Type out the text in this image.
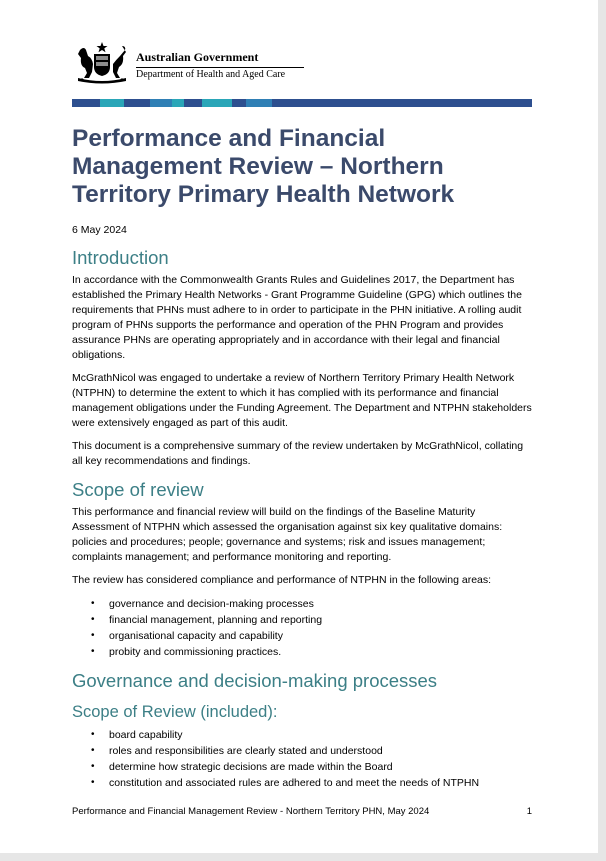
Australian Government
Department of Health and Aged Care
Performance and Financial Management Review – Northern Territory Primary Health Network
6 May 2024
Introduction

In accordance with the Commonwealth Grants Rules and Guidelines 2017, the Department has established the Primary Health Networks - Grant Programme Guideline (GPG) which outlines the requirements that PHNs must adhere to in order to participate in the PHN initiative. A rolling audit program of PHNs supports the performance and operation of the PHN Program and provides assurance PHNs are operating appropriately and in accordance with their legal and financial obligations.

McGrathNicol was engaged to undertake a review of Northern Territory Primary Health Network (NTPHN) to determine the extent to which it has complied with its performance and financial management obligations under the Funding Agreement. The Department and NTPHN stakeholders were extensively engaged as part of this audit.

This document is a comprehensive summary of the review undertaken by McGrathNicol, collating all key recommendations and findings.

Scope of review

This performance and financial review will build on the findings of the Baseline Maturity Assessment of NTPHN which assessed the organisation against six key qualitative domains: policies and procedures; people; governance and systems; risk and issues management; complaints management; and performance monitoring and reporting.

The review has considered compliance and performance of NTPHN in the following areas:

• governance and decision-making processes
• financial management, planning and reporting
• organisational capacity and capability
• probity and commissioning practices.
Governance and decision-making processes
Scope of Review (included):
• board capability
• roles and responsibilities are clearly stated and understood
• determine how strategic decisions are made within the Board
• constitution and associated rules are adhered to and meet the needs of NTPHN
Performance and Financial Management Review - Northern Territory PHN, May 2024	1
